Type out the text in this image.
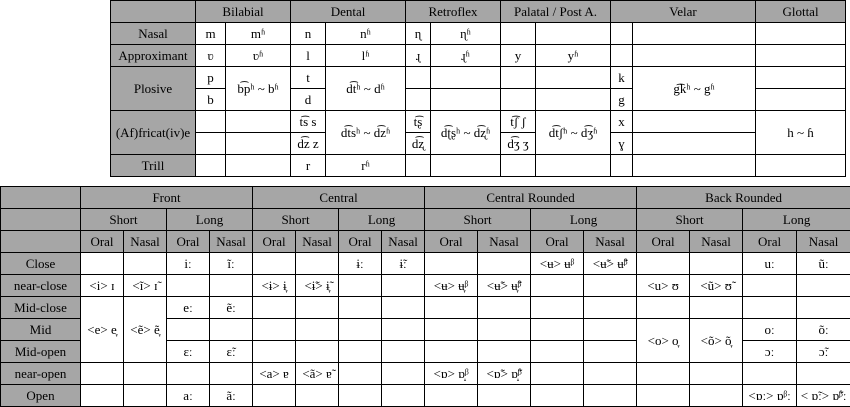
	Bilabial		Dental		Retroflex		Palatal / Post A.		Velar		Glottal
Nasal	m	mʱ	n	nʱ	ɳ	ɳʱ					
Approximant	ʋ	ʋʱ	l	lʱ	ɻ	ɻʱ	y	yʱ			
Plosive	p	b͡pʰ ~ bʱ	t	d͡tʰ ~ dʱ					k	g͡kʰ ~ gʱ	
	b		d						g		
(Af)fricat(iv)e			t͡s s	d͡tsʰ ~ d͡zʱ	t͡ʂ	d͡ʈʂʰ ~ d͡ʐʱ	t͡ʃ ʃ	d͡tʃʰ ~ d͡ʒʱ	x		h ~ ɦ
			d͡z z		d͡ʐ		d͡ʒ ʒ		ɣ		
Trill			r	rʱ							
	Front				Central				Central Rounded				Back Rounded			
	Short		Long		Short		Long		Short		Long		Short		Long	
	Oral	Nasal	Oral	Nasal	Oral	Nasal	Oral	Nasal	Oral	Nasal	Oral	Nasal	Oral	Nasal	Oral	Nasal
Close			iː	ĩː			ɨː	ɨ̃ː			<ʉ> ʉᵝ	<ʉ̃> ʉ̃ᵝ			uː	ũː
near-close	<i> ɪ	<ĩ> ɪ̃			<ɨ> ɨ̞	<ɨ̃> ɨ̞̃			<ʉ> ʉ̞ᵝ	<ʉ̃> ʉ̞̃ᵝ			<u> ʊ	<ũ> ʊ̃		
Mid-close	<e> e̞	<ẽ> ẽ̞	eː	ẽː												
Mid													<o> o̞	<õ> õ̞	oː	õː
Mid-open			ɛː	ɛ̃ː											ɔː	ɔ̃ː
near-open					<a> ɐ	<ã> ɐ̃			<ɒ> ɒ̝ᵝ	<ɒ̃> ɒ̝̃ᵝ						
Open			aː	ãː											<ɒː> ɒᵝː	< ɒ̃ː> ɒ̃ᵝː
